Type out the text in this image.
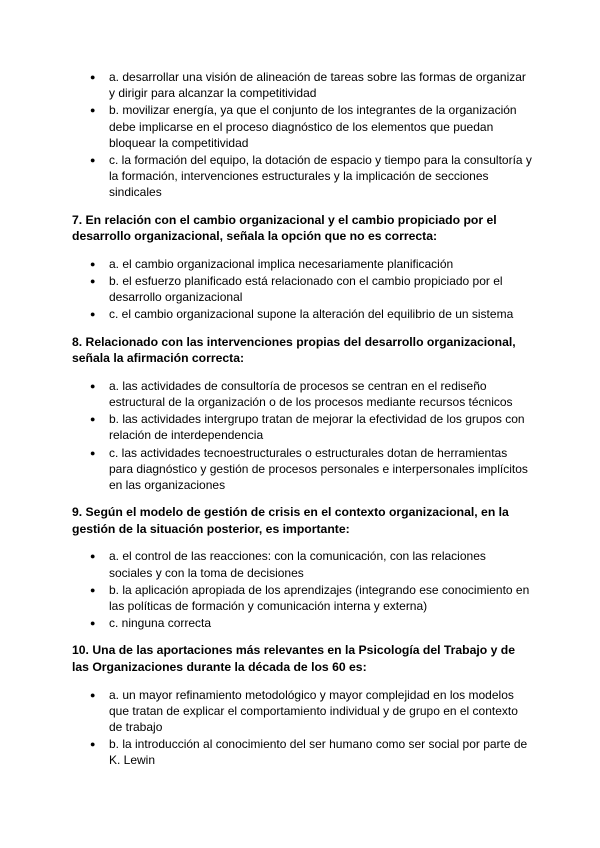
● a. desarrollar una visión de alineación de tareas sobre las formas de organizar y dirigir para alcanzar la competitividad
● b. movilizar energía, ya que el conjunto de los integrantes de la organización debe implicarse en el proceso diagnóstico de los elementos que puedan bloquear la competitividad
● c. la formación del equipo, la dotación de espacio y tiempo para la consultoría y la formación, intervenciones estructurales y la implicación de secciones sindicales

7. En relación con el cambio organizacional y el cambio propiciado por el desarrollo organizacional, señala la opción que no es correcta:

● a. el cambio organizacional implica necesariamente planificación
● b. el esfuerzo planificado está relacionado con el cambio propiciado por el desarrollo organizacional
● c. el cambio organizacional supone la alteración del equilibrio de un sistema

8. Relacionado con las intervenciones propias del desarrollo organizacional, señala la afirmación correcta:

● a. las actividades de consultoría de procesos se centran en el rediseño estructural de la organización o de los procesos mediante recursos técnicos
● b. las actividades intergrupo tratan de mejorar la efectividad de los grupos con relación de interdependencia
● c. las actividades tecnoestructurales o estructurales dotan de herramientas para diagnóstico y gestión de procesos personales e interpersonales implícitos en las organizaciones

9. Según el modelo de gestión de crisis en el contexto organizacional, en la gestión de la situación posterior, es importante:

● a. el control de las reacciones: con la comunicación, con las relaciones sociales y con la toma de decisiones
● b. la aplicación apropiada de los aprendizajes (integrando ese conocimiento en las políticas de formación y comunicación interna y externa)
● c. ninguna correcta

10. Una de las aportaciones más relevantes en la Psicología del Trabajo y de las Organizaciones durante la década de los 60 es:

● a. un mayor refinamiento metodológico y mayor complejidad en los modelos que tratan de explicar el comportamiento individual y de grupo en el contexto de trabajo
● b. la introducción al conocimiento del ser humano como ser social por parte de K. Lewin
